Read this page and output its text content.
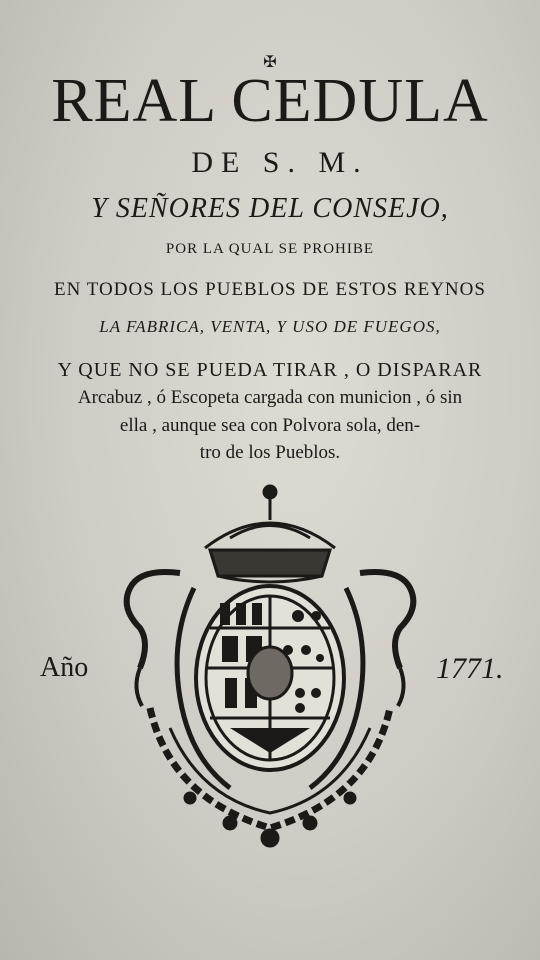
✠
REAL CEDULA
DE S. M.
Y SEÑORES DEL CONSEJO,
POR LA QUAL SE PROHIBE
EN TODOS LOS PUEBLOS DE ESTOS REYNOS
LA FABRICA, VENTA, Y USO DE FUEGOS,
Y QUE NO SE PUEDA TIRAR , O DISPARAR
Arcabuz , ó Escopeta cargada con municion , ó sin
ella , aunque sea con Polvora sola, den-
tro de los Pueblos.
Año	1771.
